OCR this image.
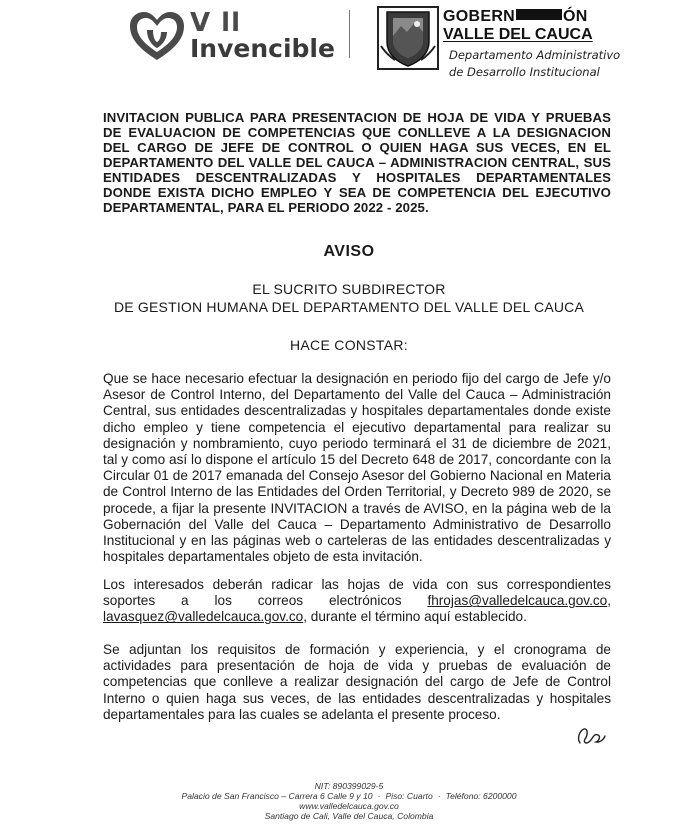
V ll
Invencible
GOBERN	ÓN
VALLE DEL CAUCA
Departamento Administrativo
de Desarrollo Institucional
INVITACION PUBLICA PARA PRESENTACION DE HOJA DE VIDA Y PRUEBAS DE EVALUACION DE COMPETENCIAS QUE CONLLEVE A LA DESIGNACION DEL CARGO DE JEFE DE CONTROL O QUIEN HAGA SUS VECES, EN EL DEPARTAMENTO DEL VALLE DEL CAUCA – ADMINISTRACION CENTRAL, SUS ENTIDADES DESCENTRALIZADAS Y HOSPITALES DEPARTAMENTALES DONDE EXISTA DICHO EMPLEO Y SEA DE COMPETENCIA DEL EJECUTIVO DEPARTAMENTAL, PARA EL PERIODO 2022 - 2025.
AVISO
EL SUCRITO SUBDIRECTOR
DE GESTION HUMANA DEL DEPARTAMENTO DEL VALLE DEL CAUCA
HACE CONSTAR:
Que se hace necesario efectuar la designación en periodo fijo del cargo de Jefe y/o Asesor de Control Interno, del Departamento del Valle del Cauca – Administración Central, sus entidades descentralizadas y hospitales departamentales donde existe dicho empleo y tiene competencia el ejecutivo departamental para realizar su designación y nombramiento, cuyo periodo terminará el 31 de diciembre de 2021, tal y como así lo dispone el artículo 15 del Decreto 648 de 2017, concordante con la Circular 01 de 2017 emanada del Consejo Asesor del Gobierno Nacional en Materia de Control Interno de las Entidades del Orden Territorial, y Decreto 989 de 2020, se procede, a fijar la presente INVITACION a través de AVISO, en la página web de la Gobernación del Valle del Cauca – Departamento Administrativo de Desarrollo Institucional y en las páginas web o carteleras de las entidades descentralizadas y hospitales departamentales objeto de esta invitación.
Los interesados deberán radicar las hojas de vida con sus correspondientes soportes a los correos electrónicos fhrojas@valledelcauca.gov.co, lavasquez@valledelcauca.gov.co, durante el término aquí establecido.
Se adjuntan los requisitos de formación y experiencia, y el cronograma de actividades para presentación de hoja de vida y pruebas de evaluación de competencias que conlleve a realizar designación del cargo de Jefe de Control Interno o quien haga sus veces, de las entidades descentralizadas y hospitales departamentales para las cuales se adelanta el presente proceso.
NIT: 890399029-5
Palacio de San Francisco – Carrera 6 Calle 9 y 10 · Piso: Cuarto · Teléfono: 6200000
www.valledelcauca.gov.co
Santiago de Cali, Valle del Cauca, Colombia
